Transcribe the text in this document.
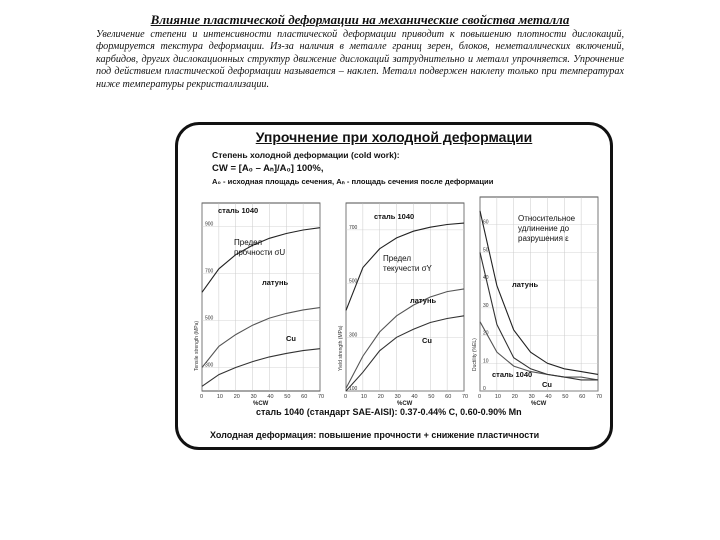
Влияние пластической деформации на механические свойства металла
Увеличение степени и интенсивности пластической деформации приводит к повышению плотности дислокаций, формируется текстура деформации. Из-за наличия в металле границ зерен, блоков, неметаллических включений, карбидов, других дислокационных структур движение дислокаций затруднительно и металл упрочняется. Упрочнение под действием пластической деформации называется – наклеп. Металл подвержен наклепу только при температурах ниже температуры рекристаллизации.
Упрочнение при холодной деформации
Степень холодной деформации (cold work):
CW = [A₀ – Aₙ]/A₀] 100%,
A₀ - исходная площадь сечения, Aₙ - площадь сечения после деформации
300
500
700
900
0	10 20 30 40 50 60 70
%CW
Tensile strength (MPa)
сталь 1040
латунь
Cu
Предел
прочности σU
100
300
500
700
0	10 20 30 40 50 60 70
%CW
Yield strength (MPa)
сталь 1040
латунь
Cu
Предел
текучести σY
0
10
20
30
40
50
60
0	10 20 30 40 50 60 70
%CW
Ductility (%EL)
латунь
сталь 1040
Cu
Относительное
удлинение до
разрушения ε
сталь 1040 (стандарт SAE-AISI): 0.37-0.44% C, 0.60-0.90% Mn
Холодная деформация: повышение прочности + снижение пластичности
